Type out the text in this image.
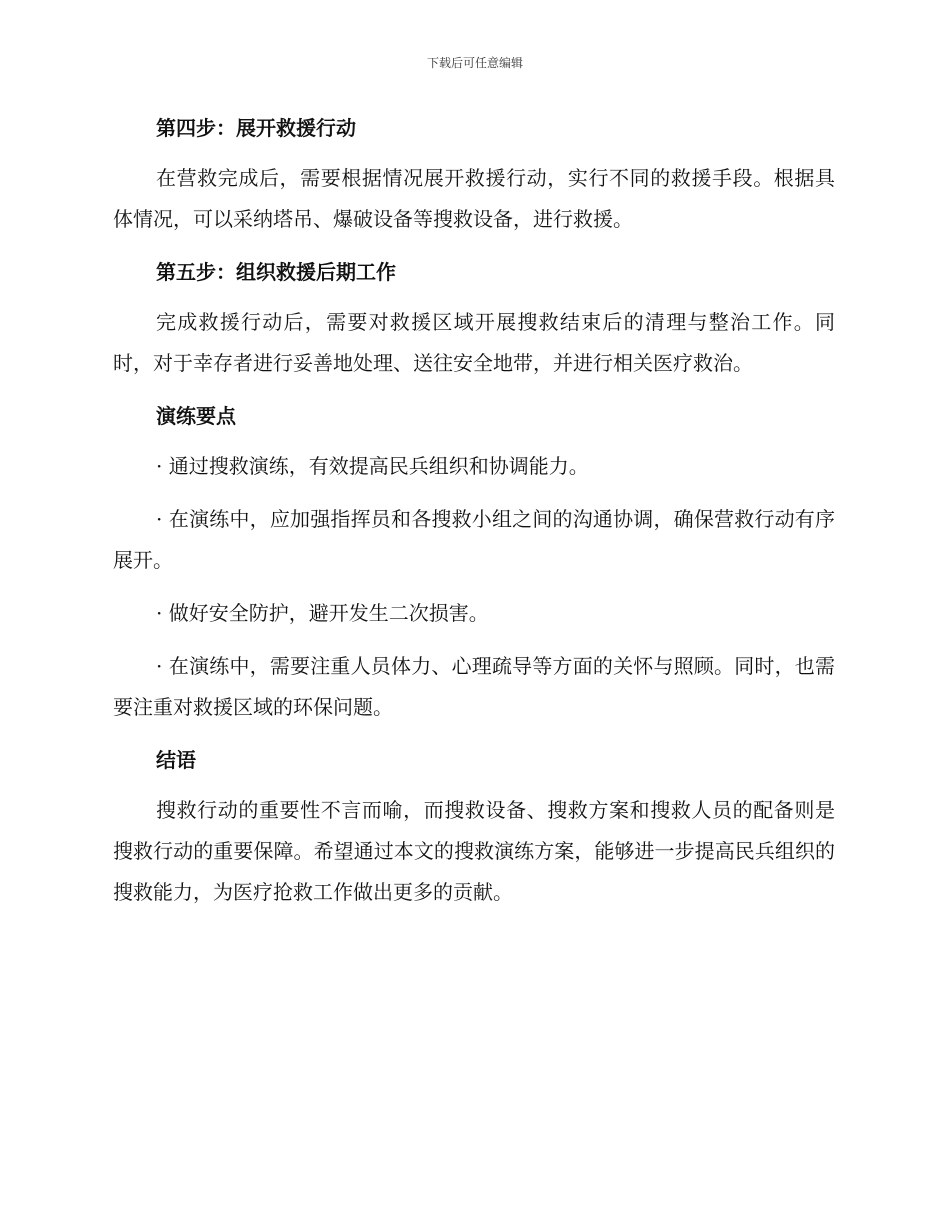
下载后可任意编辑
第四步：展开救援行动

在营救完成后，需要根据情况展开救援行动，实行不同的救援手段。根据具体情况，可以采纳塔吊、爆破设备等搜救设备，进行救援。

第五步：组织救援后期工作

完成救援行动后，需要对救援区域开展搜救结束后的清理与整治工作。同时，对于幸存者进行妥善地处理、送往安全地带，并进行相关医疗救治。

演练要点

· 通过搜救演练，有效提高民兵组织和协调能力。

· 在演练中，应加强指挥员和各搜救小组之间的沟通协调，确保营救行动有序展开。

· 做好安全防护，避开发生二次损害。

· 在演练中，需要注重人员体力、心理疏导等方面的关怀与照顾。同时，也需要注重对救援区域的环保问题。

结语

搜救行动的重要性不言而喻，而搜救设备、搜救方案和搜救人员的配备则是搜救行动的重要保障。希望通过本文的搜救演练方案，能够进一步提高民兵组织的搜救能力，为医疗抢救工作做出更多的贡献。
